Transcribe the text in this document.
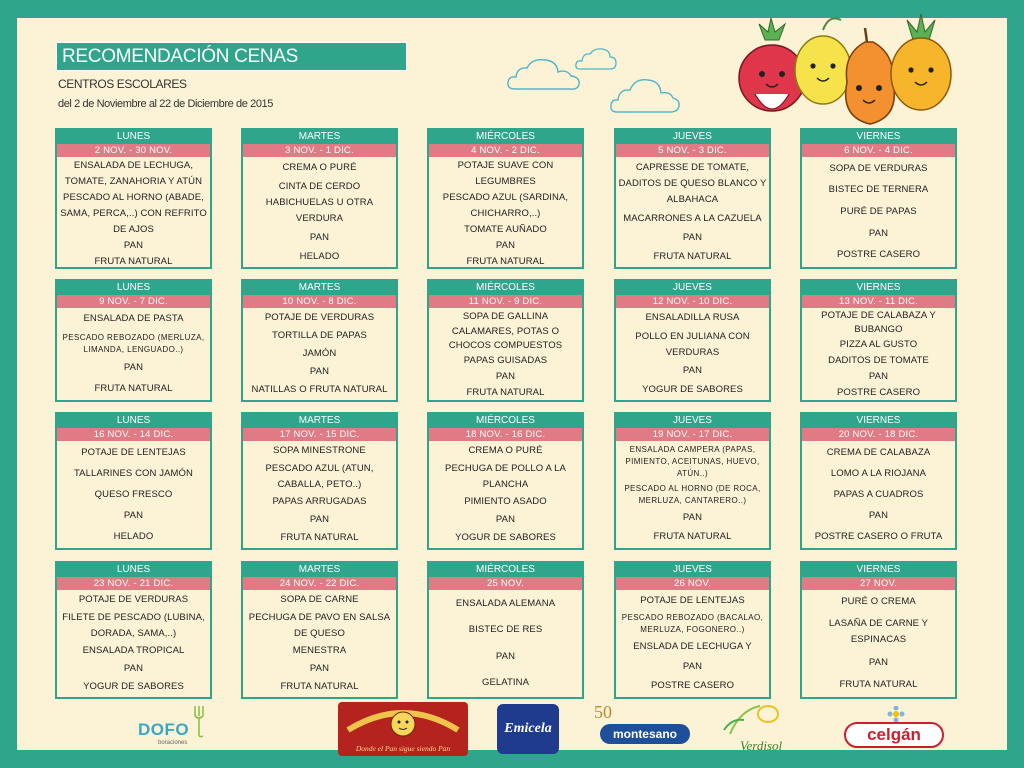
RECOMENDACIÓN CENAS
CENTROS ESCOLARES
del 2 de Noviembre al 22 de Diciembre de 2015
LUNES
2 NOV. - 30 NOV.
ENSALADA DE LECHUGA, TOMATE, ZANAHORIA Y ATÚN
PESCADO AL HORNO (ABADE, SAMA, PERCA,..) CON REFRITO DE AJOS
PAN
FRUTA NATURAL
MARTES
3 NOV. - 1 DIC.
CREMA O PURÉ
CINTA DE CERDO HABICHUELAS U OTRA VERDURA
PAN
HELADO
MIÉRCOLES
4 NOV. - 2 DIC.
POTAJE SUAVE CON LEGUMBRES
PESCADO AZUL (SARDINA, CHICHARRO,..)
TOMATE AUÑADO
PAN
FRUTA NATURAL
JUEVES
5 NOV. - 3 DIC.
CAPRESSE DE TOMATE, DADITOS DE QUESO BLANCO Y ALBAHACA
MACARRONES A LA CAZUELA
PAN
FRUTA NATURAL
VIERNES
6 NOV. - 4 DIC.
SOPA DE VERDURAS
BISTEC DE TERNERA
PURÉ DE PAPAS
PAN
POSTRE CASERO
LUNES
9 NOV. - 7 DIC.
ENSALADA DE PASTA
PESCADO REBOZADO (MERLUZA, LIMANDA, LENGUADO..)
PAN
FRUTA NATURAL
MARTES
10 NOV. - 8 DIC.
POTAJE DE VERDURAS
TORTILLA DE PAPAS
JAMÓN
PAN
NATILLAS O FRUTA NATURAL
MIÉRCOLES
11 NOV. - 9 DIC.
SOPA DE GALLINA
CALAMARES, POTAS O CHOCOS COMPUESTOS
PAPAS GUISADAS
PAN
FRUTA NATURAL
JUEVES
12 NOV. - 10 DIC.
ENSALADILLA RUSA
POLLO EN JULIANA CON VERDURAS
PAN
YOGUR DE SABORES
VIERNES
13 NOV. - 11 DIC.
POTAJE DE CALABAZA Y BUBANGO
PIZZA AL GUSTO
DADITOS DE TOMATE
PAN
POSTRE CASERO
LUNES
16 NOV. - 14 DIC.
POTAJE DE LENTEJAS
TALLARINES CON JAMÓN
QUESO FRESCO
PAN
HELADO
MARTES
17 NOV. - 15 DIC.
SOPA MINESTRONE
PESCADO AZUL (ATUN, CABALLA, PETO..)
PAPAS ARRUGADAS
PAN
FRUTA NATURAL
MIÉRCOLES
18 NOV. - 16 DIC.
CREMA O PURÉ
PECHUGA DE POLLO A LA PLANCHA
PIMIENTO ASADO
PAN
YOGUR DE SABORES
JUEVES
19 NOV. - 17 DIC.
ENSALADA CAMPERA (PAPAS, PIMIENTO, ACEITUNAS, HUEVO, ATÚN..)
PESCADO AL HORNO (DE ROCA, MERLUZA, CANTARERO..)
PAN
FRUTA NATURAL
VIERNES
20 NOV. - 18 DIC.
CREMA DE CALABAZA
LOMO A LA RIOJANA
PAPAS A CUADROS
PAN
POSTRE CASERO O FRUTA
LUNES
23 NOV. - 21 DIC.
POTAJE DE VERDURAS
FILETE DE PESCADO (LUBINA, DORADA, SAMA,..)
ENSALADA TROPICAL
PAN
YOGUR DE SABORES
MARTES
24 NOV. - 22 DIC.
SOPA DE CARNE
PECHUGA DE PAVO EN SALSA DE QUESO
MENESTRA
PAN
FRUTA NATURAL
MIÉRCOLES
25 NOV.
ENSALADA ALEMANA
BISTEC DE RES
PAN
GELATINA
JUEVES
26 NOV.
POTAJE DE LENTEJAS
PESCADO REBOZADO (BACALAO, MERLUZA, FOGONERO..)
ENSLADA DE LECHUGA Y
PAN
POSTRE CASERO
VIERNES
27 NOV.
PURÉ O CREMA
LASAÑA DE CARNE Y ESPINACAS
PAN
FRUTA NATURAL
DOFO
boraciones
Donde el Pan sigue siendo Pan
Emicela
50
montesano
Verdisol
celgán
